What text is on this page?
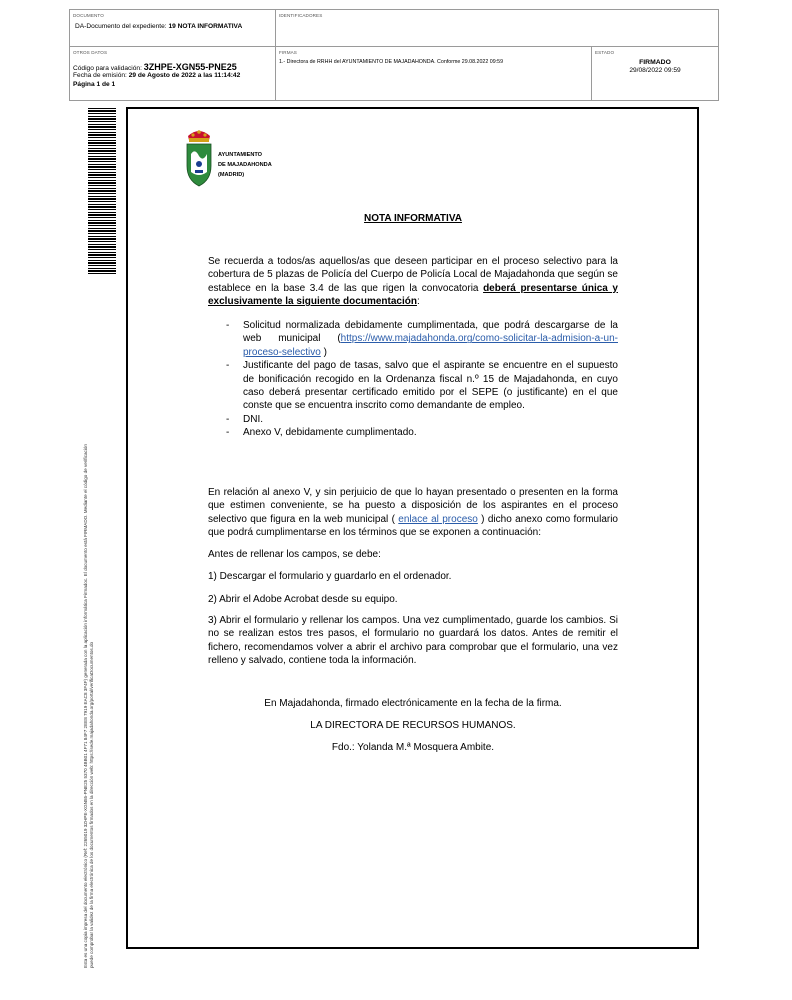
DOCUMENTO
DA-Documento del expediente: 19 NOTA INFORMATIVA
IDENTIFICADORES
OTROS DATOS
Código para validación: 3ZHPE-XGN55-PNE25
Fecha de emisión: 29 de Agosto de 2022 a las 11:14:42
Página 1 de 1
FIRMAS
1.- Directora de RRHH del AYUNTAMIENTO DE MAJADAHONDA. Conforme 29.08.2022 09:59
ESTADO
FIRMADO
29/08/2022 09:59
Esta es una copia impresa del documento electrónico (Ref: 2265019 3ZHPE-XGN55-PNE25 5370 4BB01 4F71 84F7 2EE8 7919 EAC8 3F4F) generada con la aplicación informática Firmadoc. El documento está FIRMADO. Mediante el código de verificación puede comprobar la validez de la firma electrónica de los documentos firmados en la dirección web: https://sede.majadahonda.org/portal/verificaDocumentos.do
AYUNTAMIENTO
DE MAJADAHONDA
(MADRID)
NOTA INFORMATIVA
Se recuerda a todos/as aquellos/as que deseen participar en el proceso selectivo para la cobertura de 5 plazas de Policía del Cuerpo de Policía Local de Majadahonda que según se establece en la base 3.4 de las que rigen la convocatoria deberá presentarse única y exclusivamente la siguiente documentación:
- Solicitud normalizada debidamente cumplimentada, que podrá descargarse de la web municipal (https://www.majadahonda.org/como-solicitar-la-admision-a-un-proceso-selectivo )
- Justificante del pago de tasas, salvo que el aspirante se encuentre en el supuesto de bonificación recogido en la Ordenanza fiscal n.º 15 de Majadahonda, en cuyo caso deberá presentar certificado emitido por el SEPE (o justificante) en el que conste que se encuentra inscrito como demandante de empleo.
- DNI.
- Anexo V, debidamente cumplimentado.
En relación al anexo V, y sin perjuicio de que lo hayan presentado o presenten en la forma que estimen conveniente, se ha puesto a disposición de los aspirantes en el proceso selectivo que figura en la web municipal ( enlace al proceso ) dicho anexo como formulario que podrá cumplimentarse en los términos que se exponen a continuación:
Antes de rellenar los campos, se debe:
1) Descargar el formulario y guardarlo en el ordenador.
2) Abrir el Adobe Acrobat desde su equipo.
3) Abrir el formulario y rellenar los campos. Una vez cumplimentado, guarde los cambios. Si no se realizan estos tres pasos, el formulario no guardará los datos. Antes de remitir el fichero, recomendamos volver a abrir el archivo para comprobar que el formulario, una vez relleno y salvado, contiene toda la información.
En Majadahonda, firmado electrónicamente en la fecha de la firma.
LA DIRECTORA DE RECURSOS HUMANOS.
Fdo.: Yolanda M.ª Mosquera Ambite.
